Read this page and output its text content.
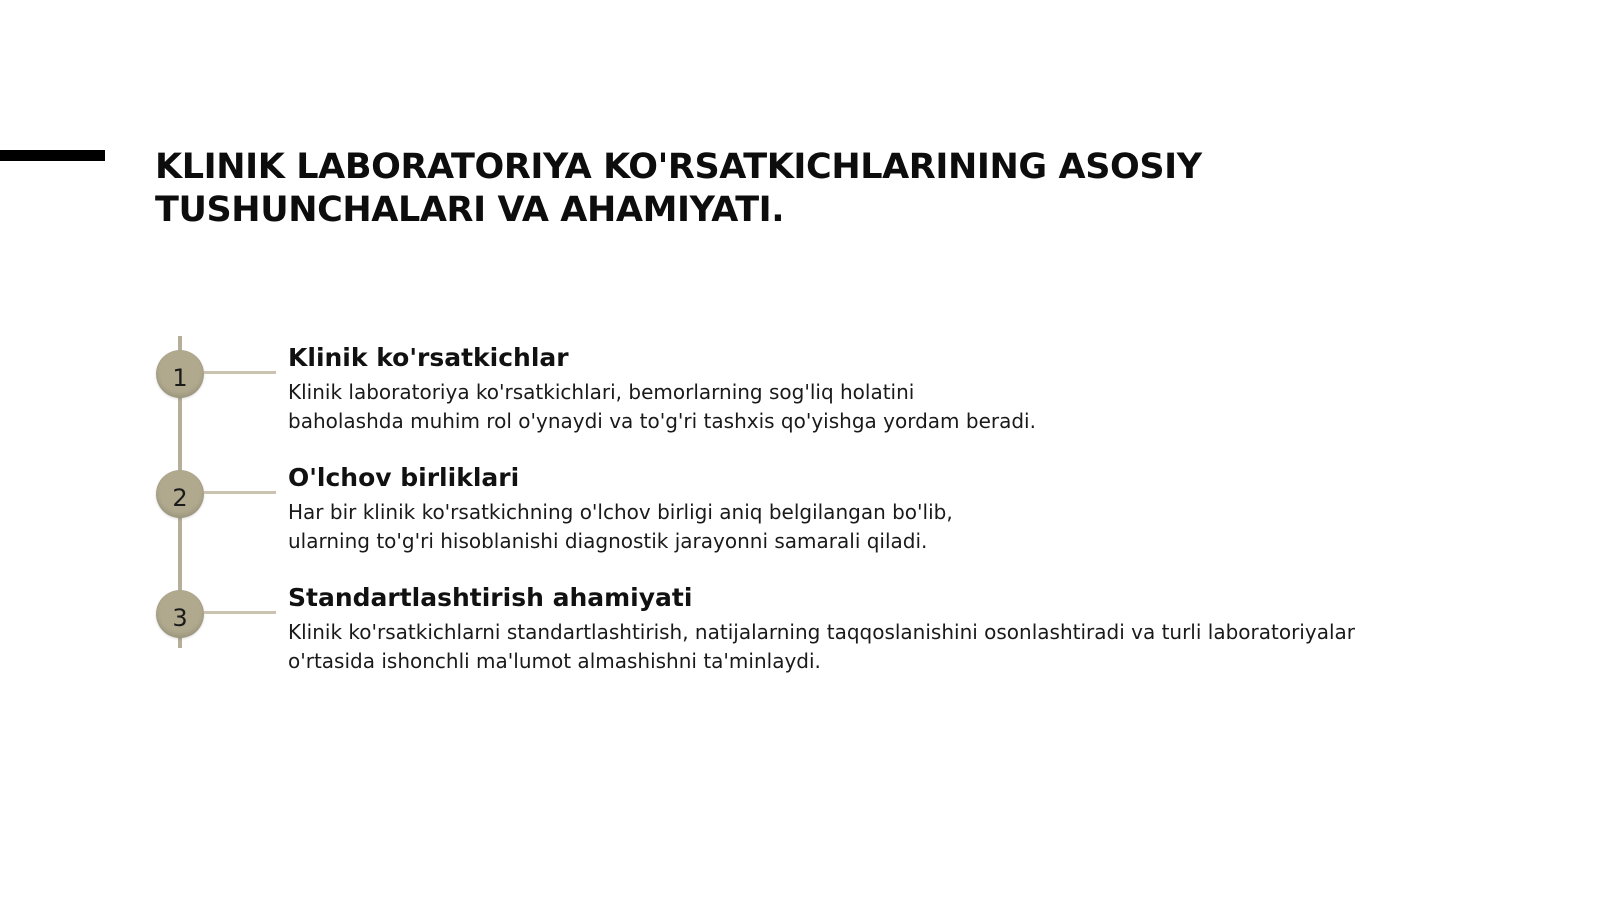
KLINIK LABORATORIYA KO'RSATKICHLARINING ASOSIY
TUSHUNCHALARI VA AHAMIYATI.
1
Klinik ko'rsatkichlar

Klinik laboratoriya ko'rsatkichlari, bemorlarning sog'liq holatini
baholashda muhim rol o'ynaydi va to'g'ri tashxis qo'yishga yordam beradi.

2
O'lchov birliklari

Har bir klinik ko'rsatkichning o'lchov birligi aniq belgilangan bo'lib,
ularning to'g'ri hisoblanishi diagnostik jarayonni samarali qiladi.

3
Standartlashtirish ahamiyati

Klinik ko'rsatkichlarni standartlashtirish, natijalarning taqqoslanishini osonlashtiradi va turli laboratoriyalar
o'rtasida ishonchli ma'lumot almashishni ta'minlaydi.
